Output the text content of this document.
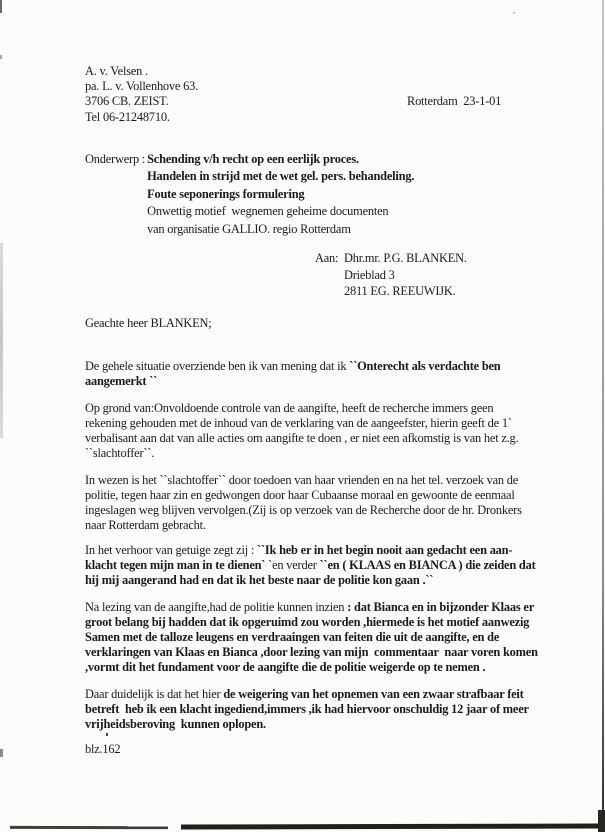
A. v. Velsen .
pa. L. v. Vollenhove 63.
3706 CB. ZEIST.
Tel 06-21248710.
Rotterdam  23-1-01
Onderwerp : Schending v/h recht op een eerlijk proces.
Handelen in strijd met de wet gel. pers. behandeling.
Foute seponerings formulering
Onwettig motief  wegnemen geheime documenten
van organisatie GALLIO. regio Rotterdam
Aan: Dhr.mr. P.G. BLANKEN.
Drieblad 3
2811 EG. REEUWIJK.
Geachte heer BLANKEN;
De gehele situatie overziende ben ik van mening dat ik ``Onterecht als verdachte ben
aangemerkt ``
Op grond van:Onvoldoende controle van de aangifte, heeft de recherche immers geen
rekening gehouden met de inhoud van de verklaring van de aangeefster, hierin geeft de 1`
verbalisant aan dat van alle acties om aangifte te doen , er niet een afkomstig is van het z.g.
``slachtoffer``.
In wezen is het ``slachtoffer`` door toedoen van haar vrienden en na het tel. verzoek van de
politie, tegen haar zin en gedwongen door haar Cubaanse moraal en gewoonte de eenmaal
ingeslagen weg blijven vervolgen.(Zij is op verzoek van de Recherche door de hr. Dronkers
naar Rotterdam gebracht.
In het verhoor van getuige zegt zij : ``Ik heb er in het begin nooit aan gedacht een aan-
klacht tegen mijn man in te dienen` `en verder ``en ( KLAAS en BIANCA ) die zeiden dat
hij mij aangerand had en dat ik het beste naar de politie kon gaan .``
Na lezing van de aangifte,had de politie kunnen inzien : dat Bianca en in bijzonder Klaas er
groot belang bij hadden dat ik opgeruimd zou worden ,hiermede is het motief aanwezig
Samen met de talloze leugens en verdraaingen van feiten die uit de aangifte, en de
verklaringen van Klaas en Bianca ,door lezing van mijn  commentaar  naar voren komen
,vormt dit het fundament voor de aangifte die de politie weigerde op te nemen .
Daar duidelijk is dat het hier de weigering van het opnemen van een zwaar strafbaar feit
betreft  heb ik een klacht ingediend,immers ,ik had hiervoor onschuldig 12 jaar of meer
vrijheidsberoving  kunnen oplopen.
blz.162
